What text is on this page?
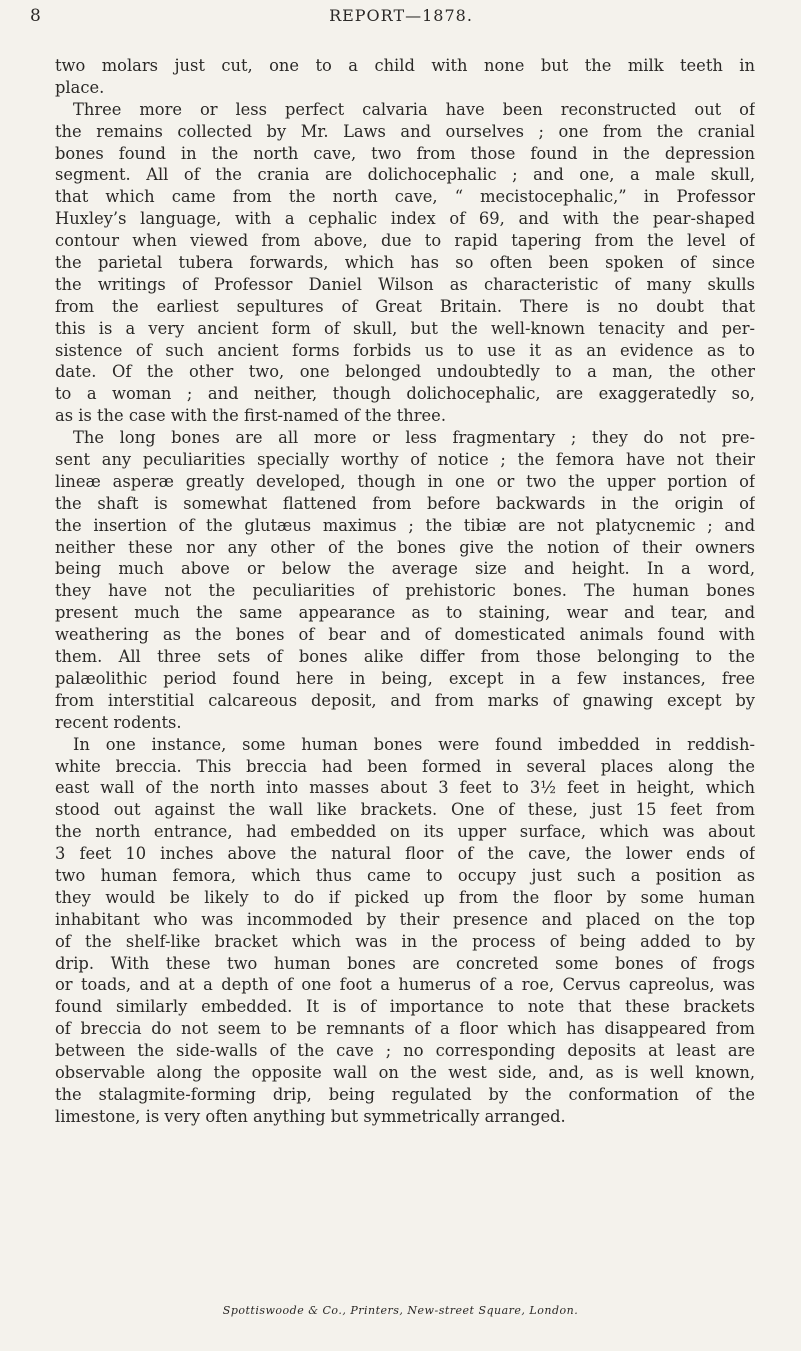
8	REPORT—1878.
two molars just cut, one to a child with none but the milk teeth in
place.
Three more or less perfect calvaria have been reconstructed out of
the remains collected by Mr. Laws and ourselves ; one from the cranial
bones found in the north cave, two from those found in the depression
segment. All of the crania are dolichocephalic ; and one, a male skull,
that which came from the north cave, “ mecistocephalic,” in Professor
Huxley’s language, with a cephalic index of 69, and with the pear-shaped
contour when viewed from above, due to rapid tapering from the level of
the parietal tubera forwards, which has so often been spoken of since
the writings of Professor Daniel Wilson as characteristic of many skulls
from the earliest sepultures of Great Britain. There is no doubt that
this is a very ancient form of skull, but the well-known tenacity and per-
sistence of such ancient forms forbids us to use it as an evidence as to
date. Of the other two, one belonged undoubtedly to a man, the other
to a woman ; and neither, though dolichocephalic, are exaggeratedly so,
as is the case with the first-named of the three.
The long bones are all more or less fragmentary ; they do not pre-
sent any peculiarities specially worthy of notice ; the femora have not their
lineæ asperæ greatly developed, though in one or two the upper portion of
the shaft is somewhat flattened from before backwards in the origin of
the insertion of the glutæus maximus ; the tibiæ are not platycnemic ; and
neither these nor any other of the bones give the notion of their owners
being much above or below the average size and height. In a word,
they have not the peculiarities of prehistoric bones. The human bones
present much the same appearance as to staining, wear and tear, and
weathering as the bones of bear and of domesticated animals found with
them. All three sets of bones alike differ from those belonging to the
palæolithic period found here in being, except in a few instances, free
from interstitial calcareous deposit, and from marks of gnawing except by
recent rodents.
In one instance, some human bones were found imbedded in reddish-
white breccia. This breccia had been formed in several places along the
east wall of the north into masses about 3 feet to 3½ feet in height, which
stood out against the wall like brackets. One of these, just 15 feet from
the north entrance, had embedded on its upper surface, which was about
3 feet 10 inches above the natural floor of the cave, the lower ends of
two human femora, which thus came to occupy just such a position as
they would be likely to do if picked up from the floor by some human
inhabitant who was incommoded by their presence and placed on the top
of the shelf-like bracket which was in the process of being added to by
drip. With these two human bones are concreted some bones of frogs
or toads, and at a depth of one foot a humerus of a roe, Cervus capreolus, was
found similarly embedded. It is of importance to note that these brackets
of breccia do not seem to be remnants of a floor which has disappeared from
between the side-walls of the cave ; no corresponding deposits at least are
observable along the opposite wall on the west side, and, as is well known,
the stalagmite-forming drip, being regulated by the conformation of the
limestone, is very often anything but symmetrically arranged.
Spottiswoode & Co., Printers, New-street Square, London.
